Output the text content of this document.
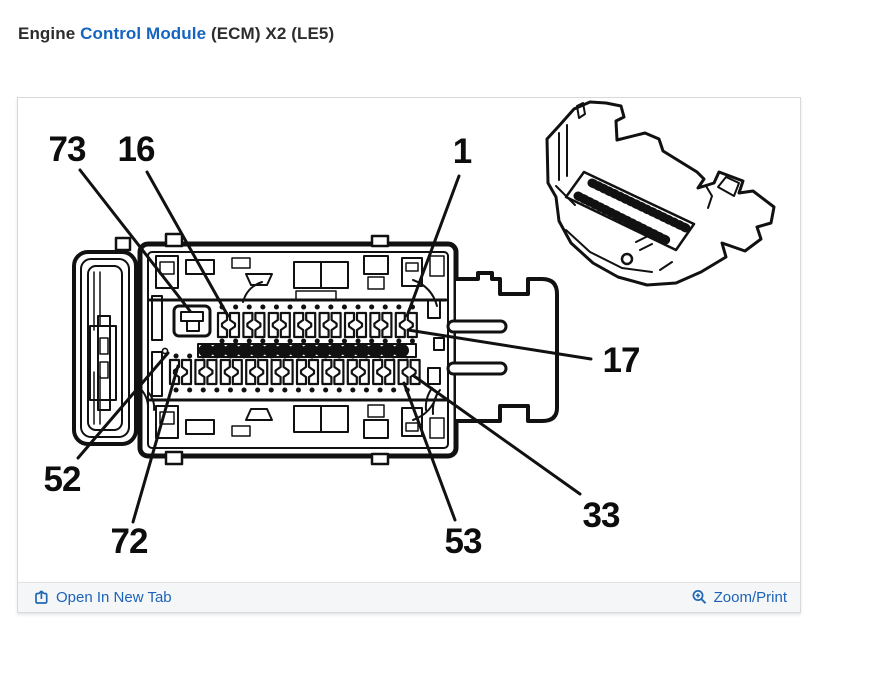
Engine Control Module (ECM) X2 (LE5)
Open In New Tab	Zoom/Print
73 16	1
17
33
53
72
52
